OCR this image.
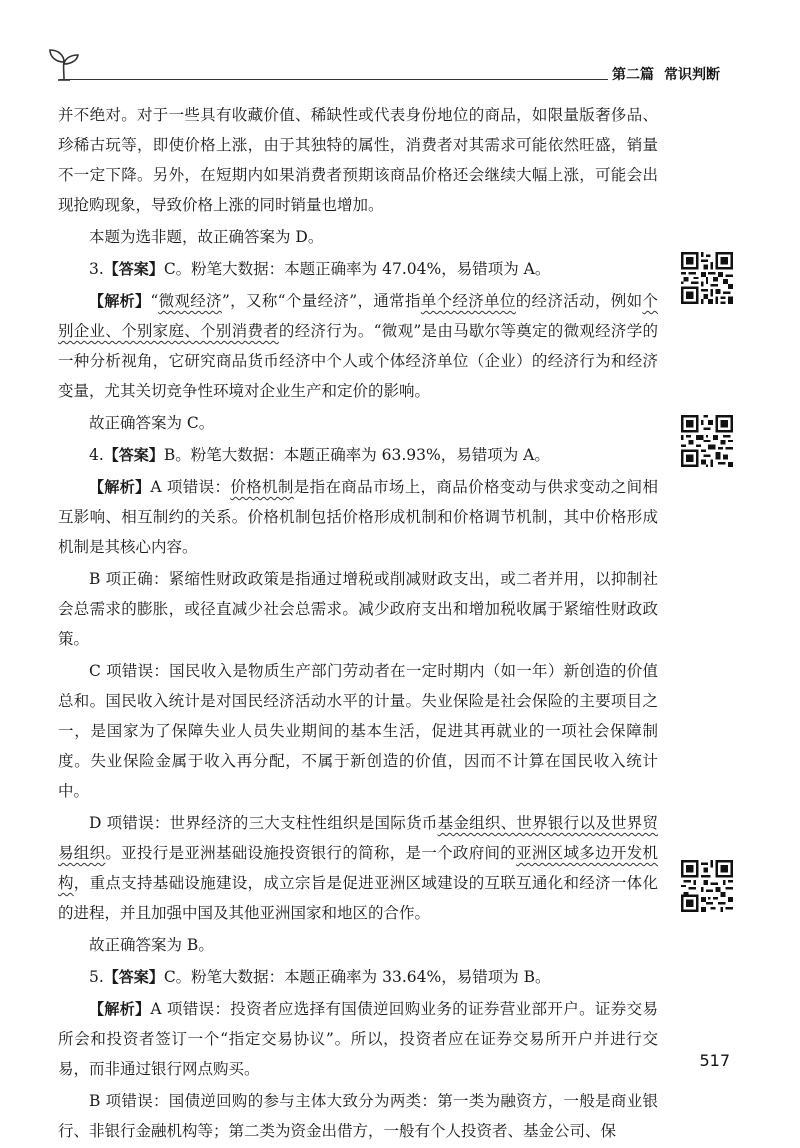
第二篇 常识判断

并不绝对。对于一些具有收藏价值、稀缺性或代表身份地位的商品，如限量版奢侈品、珍稀古玩等，即使价格上涨，由于其独特的属性，消费者对其需求可能依然旺盛，销量不一定下降。另外，在短期内如果消费者预期该商品价格还会继续大幅上涨，可能会出现抢购现象，导致价格上涨的同时销量也增加。

本题为选非题，故正确答案为 D。

3.【答案】C。粉笔大数据：本题正确率为 47.04%，易错项为 A。

【解析】“微观经济”，又称“个量经济”，通常指单个经济单位的经济活动，例如个别企业、个别家庭、个别消费者的经济行为。“微观”是由马歇尔等奠定的微观经济学的一种分析视角，它研究商品货币经济中个人或个体经济单位（企业）的经济行为和经济变量，尤其关切竞争性环境对企业生产和定价的影响。

故正确答案为 C。

4.【答案】B。粉笔大数据：本题正确率为 63.93%，易错项为 A。

【解析】A 项错误：价格机制是指在商品市场上，商品价格变动与供求变动之间相互影响、相互制约的关系。价格机制包括价格形成机制和价格调节机制，其中价格形成机制是其核心内容。

B 项正确：紧缩性财政政策是指通过增税或削减财政支出，或二者并用，以抑制社会总需求的膨胀，或径直减少社会总需求。减少政府支出和增加税收属于紧缩性财政政策。

C 项错误：国民收入是物质生产部门劳动者在一定时期内（如一年）新创造的价值总和。国民收入统计是对国民经济活动水平的计量。失业保险是社会保险的主要项目之一，是国家为了保障失业人员失业期间的基本生活，促进其再就业的一项社会保障制度。失业保险金属于收入再分配，不属于新创造的价值，因而不计算在国民收入统计中。

D 项错误：世界经济的三大支柱性组织是国际货币基金组织、世界银行以及世界贸易组织。亚投行是亚洲基础设施投资银行的简称，是一个政府间的亚洲区域多边开发机构，重点支持基础设施建设，成立宗旨是促进亚洲区域建设的互联互通化和经济一体化的进程，并且加强中国及其他亚洲国家和地区的合作。

故正确答案为 B。

5.【答案】C。粉笔大数据：本题正确率为 33.64%，易错项为 B。

【解析】A 项错误：投资者应选择有国债逆回购业务的证券营业部开户。证券交易所会和投资者签订一个“指定交易协议”。所以，投资者应在证券交易所开户并进行交易，而非通过银行网点购买。

B 项错误：国债逆回购的参与主体大致分为两类：第一类为融资方，一般是商业银行、非银行金融机构等；第二类为资金出借方，一般有个人投资者、基金公司、保

517
